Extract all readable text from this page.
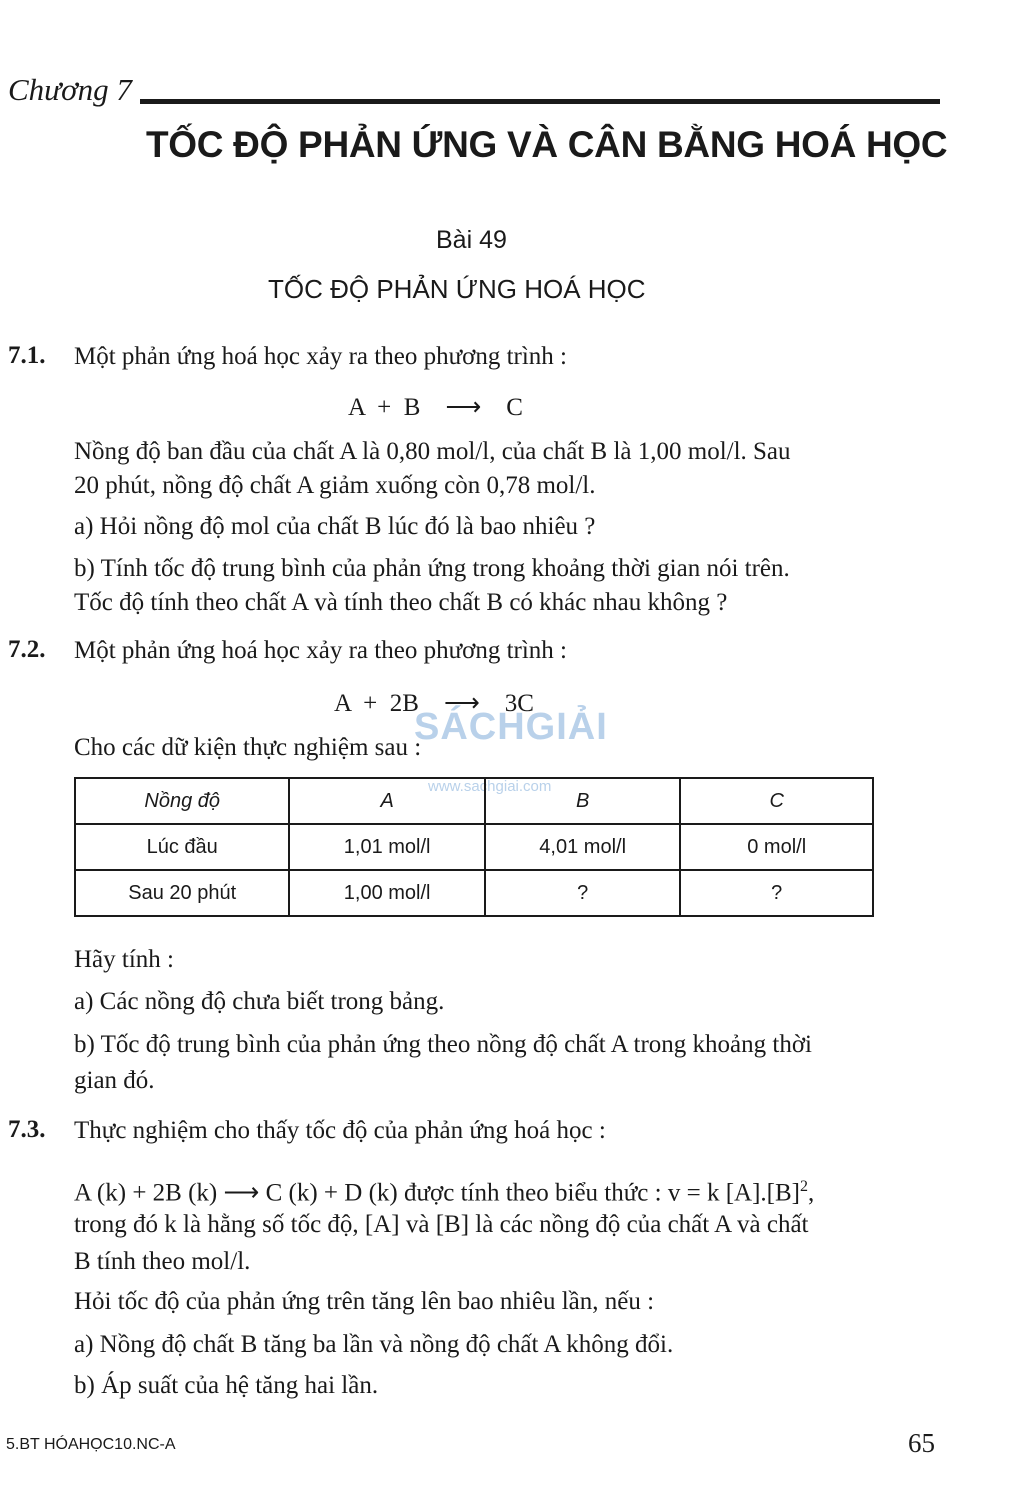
Chương 7
TỐC ĐỘ PHẢN ỨNG VÀ CÂN BẰNG HOÁ HỌC
Bài 49
TỐC ĐỘ PHẢN ỨNG HOÁ HỌC
7.1. Một phản ứng hoá học xảy ra theo phương trình :
A  +  B    ⟶    C
Nồng độ ban đầu của chất A là 0,80 mol/l, của chất B là 1,00 mol/l. Sau
20 phút, nồng độ chất A giảm xuống còn 0,78 mol/l.
a) Hỏi nồng độ mol của chất B lúc đó là bao nhiêu ?
b) Tính tốc độ trung bình của phản ứng trong khoảng thời gian nói trên.
Tốc độ tính theo chất A và tính theo chất B có khác nhau không ?
7.2. Một phản ứng hoá học xảy ra theo phương trình :
A  +  2B    ⟶    3C
Cho các dữ kiện thực nghiệm sau :
SÁCHGIẢI
www.sachgiai.com
Nồng độ	A	B	C
Lúc đầu	1,01 mol/l	4,01 mol/l	0 mol/l
Sau 20 phút	1,00 mol/l	?	?
Hãy tính :
a) Các nồng độ chưa biết trong bảng.
b) Tốc độ trung bình của phản ứng theo nồng độ chất A trong khoảng thời
gian đó.
7.3. Thực nghiệm cho thấy tốc độ của phản ứng hoá học :
A (k) + 2B (k) ⟶ C (k) + D (k) được tính theo biểu thức : v = k $[A].[B]^2$,
trong đó k là hằng số tốc độ, [A] và [B] là các nồng độ của chất A và chất
B tính theo mol/l.
Hỏi tốc độ của phản ứng trên tăng lên bao nhiêu lần, nếu :
a) Nồng độ chất B tăng ba lần và nồng độ chất A không đổi.
b) Áp suất của hệ tăng hai lần.
5.BT HÓAHỌC10.NC-A	65
